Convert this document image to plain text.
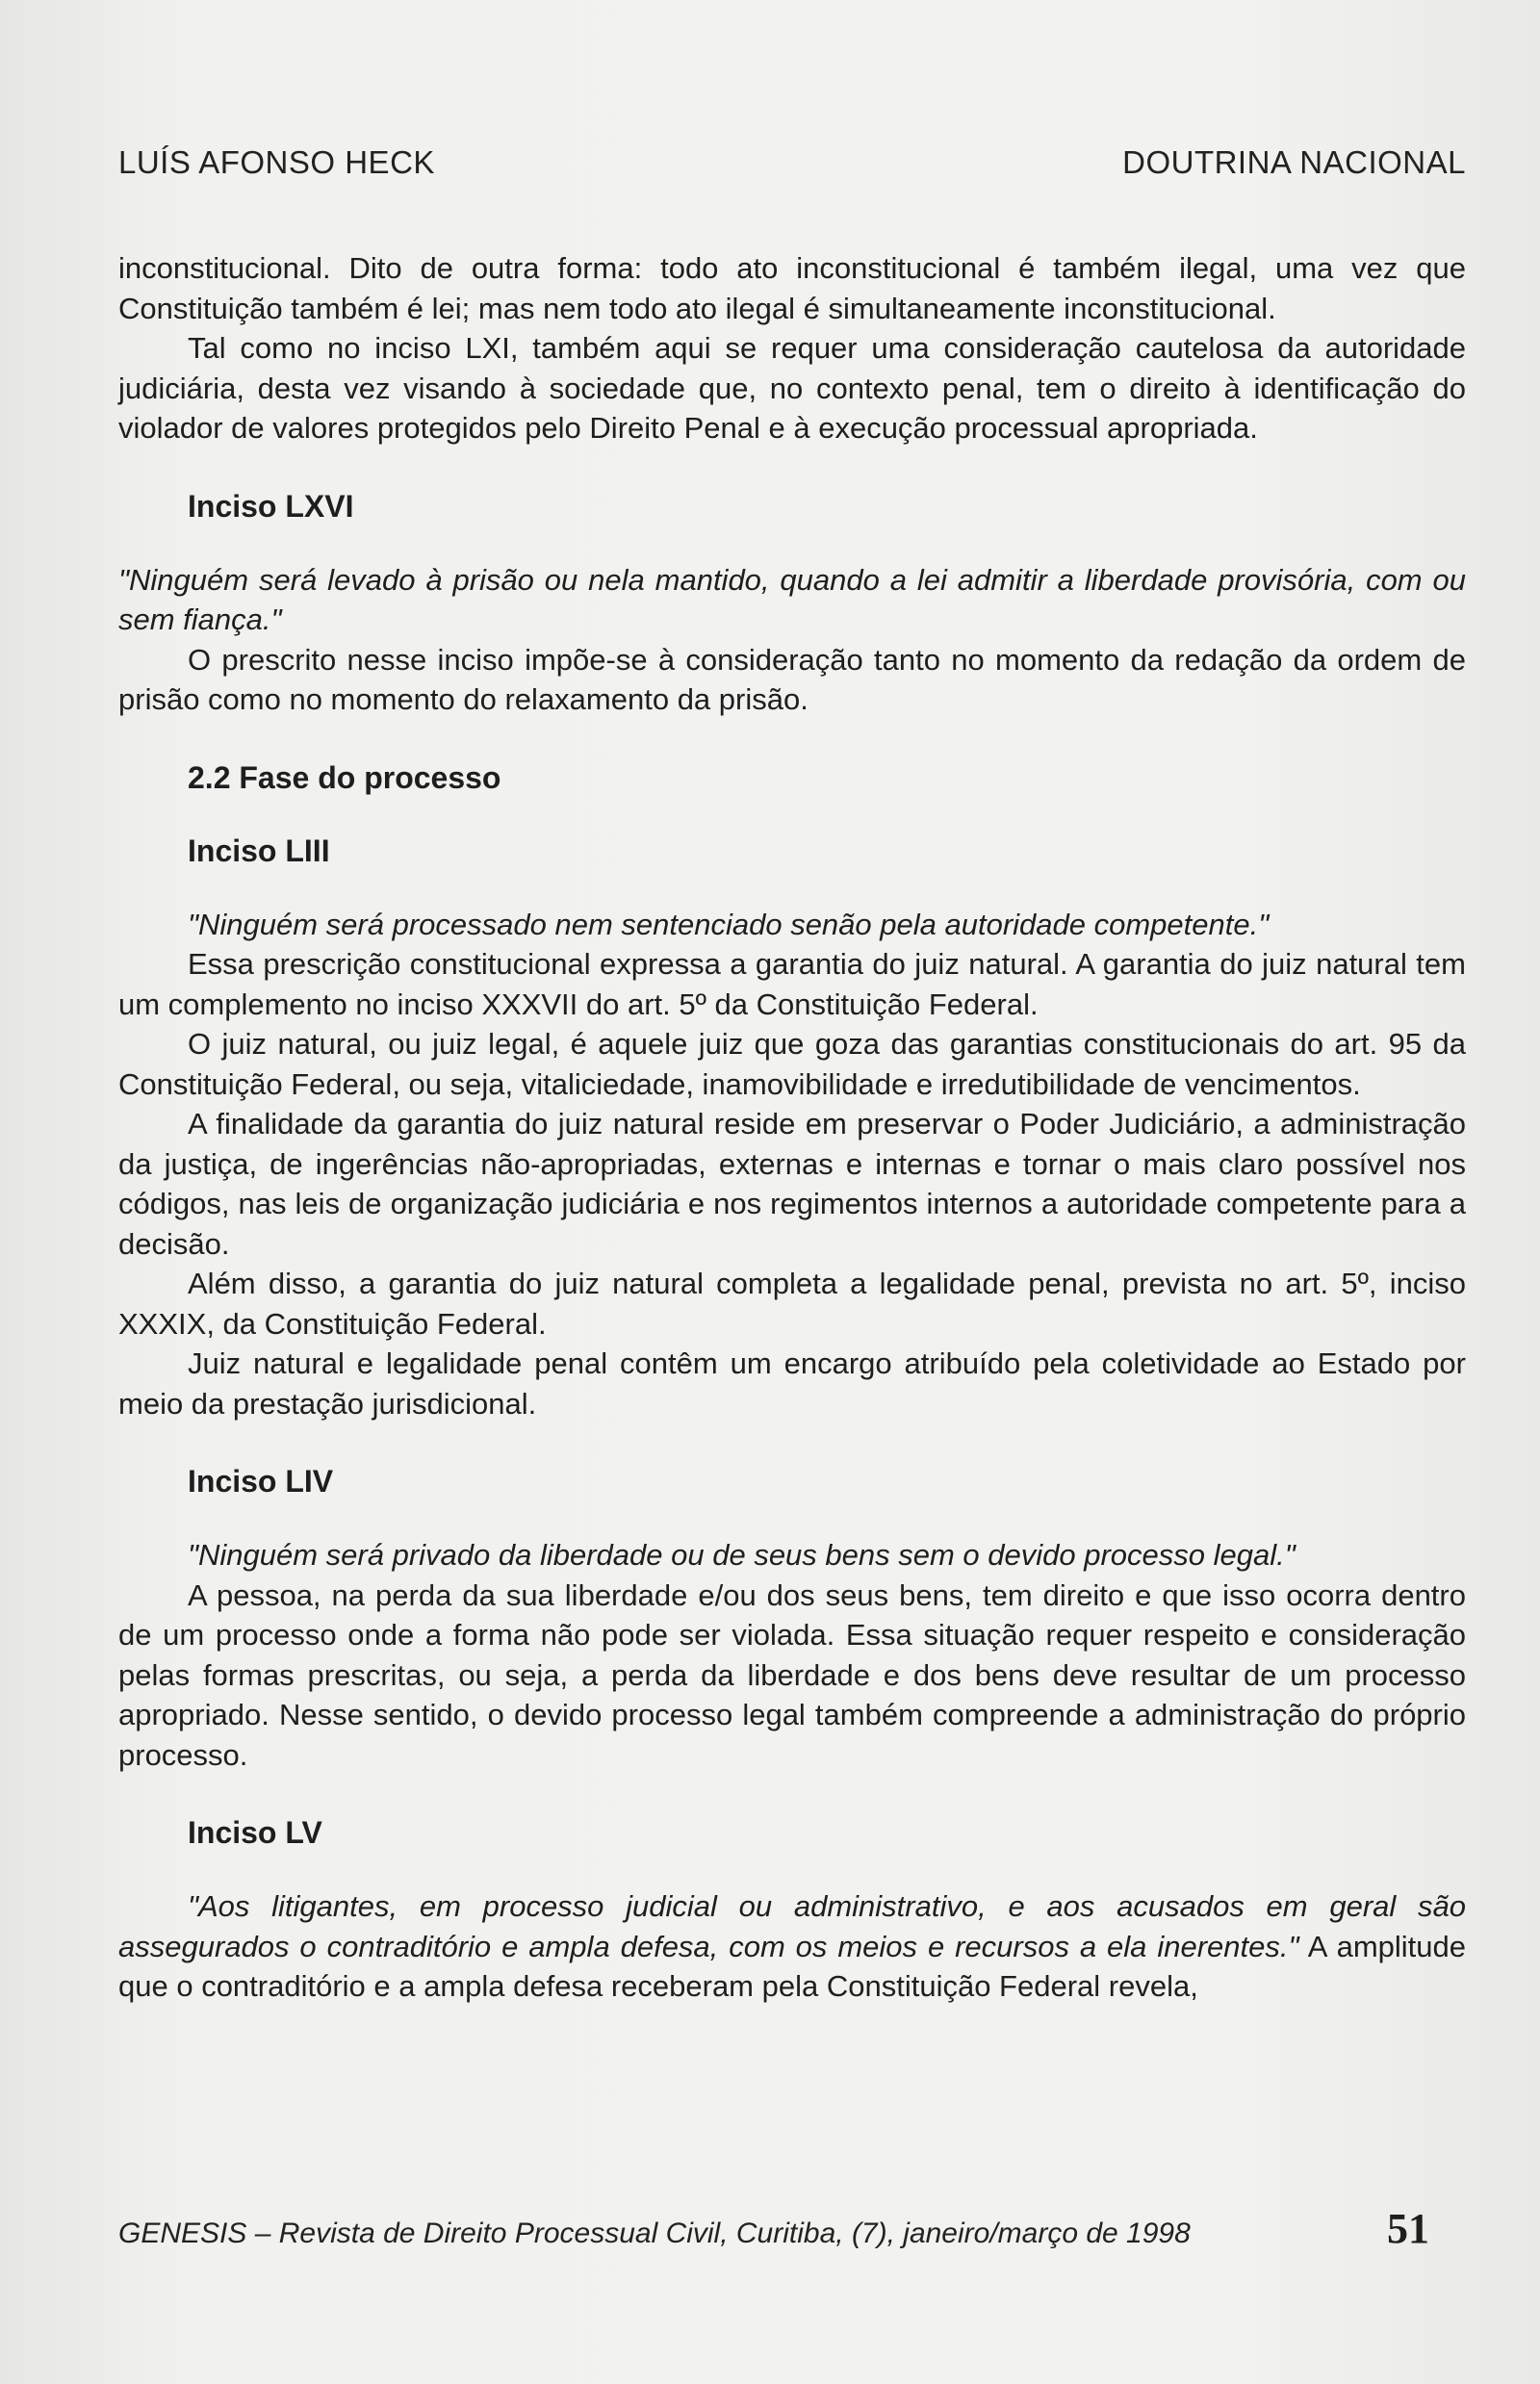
LUÍS AFONSO HECK	DOUTRINA NACIONAL

inconstitucional. Dito de outra forma: todo ato inconstitucional é também ilegal, uma vez que Constituição também é lei; mas nem todo ato ilegal é simultaneamente inconstitucional.

Tal como no inciso LXI, também aqui se requer uma consideração cautelosa da autoridade judiciária, desta vez visando à sociedade que, no contexto penal, tem o direito à identificação do violador de valores protegidos pelo Direito Penal e à execução processual apropriada.

Inciso LXVI

"Ninguém será levado à prisão ou nela mantido, quando a lei admitir a liberdade provisória, com ou sem fiança."

O prescrito nesse inciso impõe-se à consideração tanto no momento da redação da ordem de prisão como no momento do relaxamento da prisão.

2.2 Fase do processo
Inciso LIII

"Ninguém será processado nem sentenciado senão pela autoridade competente."

Essa prescrição constitucional expressa a garantia do juiz natural. A garantia do juiz natural tem um complemento no inciso XXXVII do art. 5º da Constituição Federal.

O juiz natural, ou juiz legal, é aquele juiz que goza das garantias constitucionais do art. 95 da Constituição Federal, ou seja, vitaliciedade, inamovibilidade e irredutibilidade de vencimentos.

A finalidade da garantia do juiz natural reside em preservar o Poder Judiciário, a administração da justiça, de ingerências não-apropriadas, externas e internas e tornar o mais claro possível nos códigos, nas leis de organização judiciária e nos regimentos internos a autoridade competente para a decisão.

Além disso, a garantia do juiz natural completa a legalidade penal, prevista no art. 5º, inciso XXXIX, da Constituição Federal.

Juiz natural e legalidade penal contêm um encargo atribuído pela coletividade ao Estado por meio da prestação jurisdicional.

Inciso LIV

"Ninguém será privado da liberdade ou de seus bens sem o devido processo legal."

A pessoa, na perda da sua liberdade e/ou dos seus bens, tem direito e que isso ocorra dentro de um processo onde a forma não pode ser violada. Essa situação requer respeito e consideração pelas formas prescritas, ou seja, a perda da liberdade e dos bens deve resultar de um processo apropriado. Nesse sentido, o devido processo legal também compreende a administração do próprio processo.

Inciso LV

"Aos litigantes, em processo judicial ou administrativo, e aos acusados em geral são assegurados o contraditório e ampla defesa, com os meios e recursos a ela inerentes." A amplitude que o contraditório e a ampla defesa receberam pela Constituição Federal revela,

GENESIS – Revista de Direito Processual Civil, Curitiba, (7), janeiro/março de 1998	51
